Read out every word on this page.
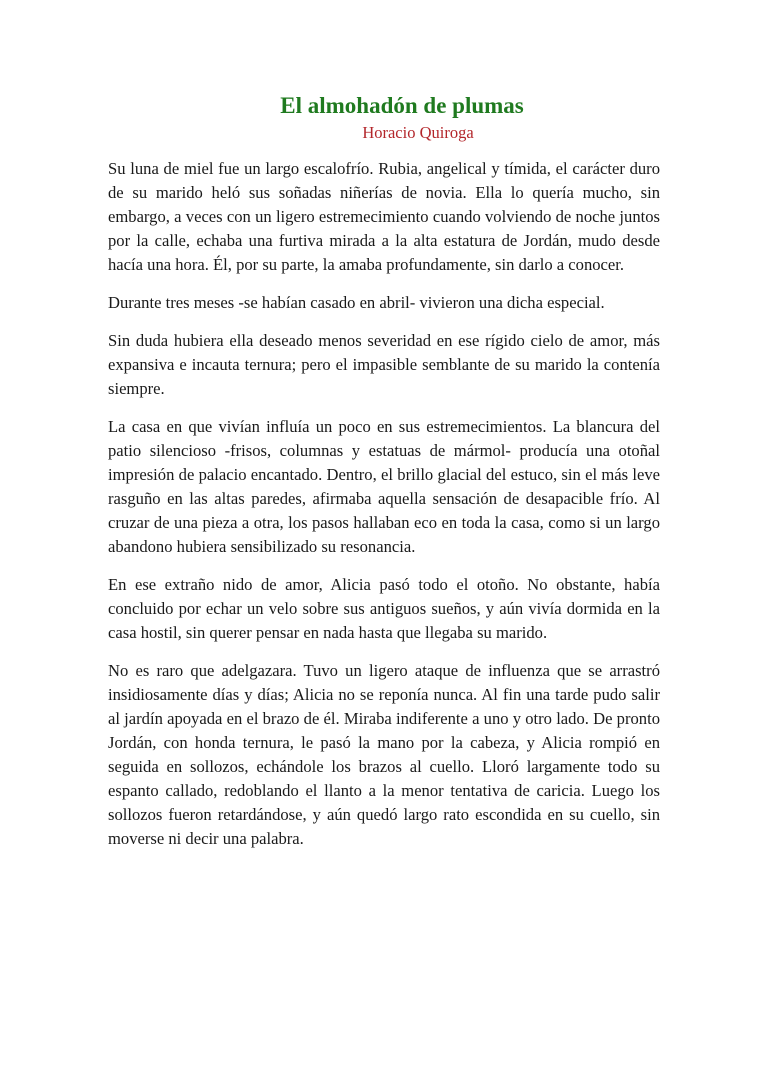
El almohadón de plumas
Horacio Quiroga

Su luna de miel fue un largo escalofrío. Rubia, angelical y tímida, el carácter duro de su marido heló sus soñadas niñerías de novia. Ella lo quería mucho, sin embargo, a veces con un ligero estremecimiento cuando volviendo de noche juntos por la calle, echaba una furtiva mirada a la alta estatura de Jordán, mudo desde hacía una hora. Él, por su parte, la amaba profundamente, sin darlo a conocer.

Durante tres meses -se habían casado en abril- vivieron una dicha especial.

Sin duda hubiera ella deseado menos severidad en ese rígido cielo de amor, más expansiva e incauta ternura; pero el impasible semblante de su marido la contenía siempre.

La casa en que vivían influía un poco en sus estremecimientos. La blancura del patio silencioso -frisos, columnas y estatuas de mármol- producía una otoñal impresión de palacio encantado. Dentro, el brillo glacial del estuco, sin el más leve rasguño en las altas paredes, afirmaba aquella sensación de desapacible frío. Al cruzar de una pieza a otra, los pasos hallaban eco en toda la casa, como si un largo abandono hubiera sensibilizado su resonancia.

En ese extraño nido de amor, Alicia pasó todo el otoño. No obstante, había concluido por echar un velo sobre sus antiguos sueños, y aún vivía dormida en la casa hostil, sin querer pensar en nada hasta que llegaba su marido.

No es raro que adelgazara. Tuvo un ligero ataque de influenza que se arrastró insidiosamente días y días; Alicia no se reponía nunca. Al fin una tarde pudo salir al jardín apoyada en el brazo de él. Miraba indiferente a uno y otro lado. De pronto Jordán, con honda ternura, le pasó la mano por la cabeza, y Alicia rompió en seguida en sollozos, echándole los brazos al cuello. Lloró largamente todo su espanto callado, redoblando el llanto a la menor tentativa de caricia. Luego los sollozos fueron retardándose, y aún quedó largo rato escondida en su cuello, sin moverse ni decir una palabra.
